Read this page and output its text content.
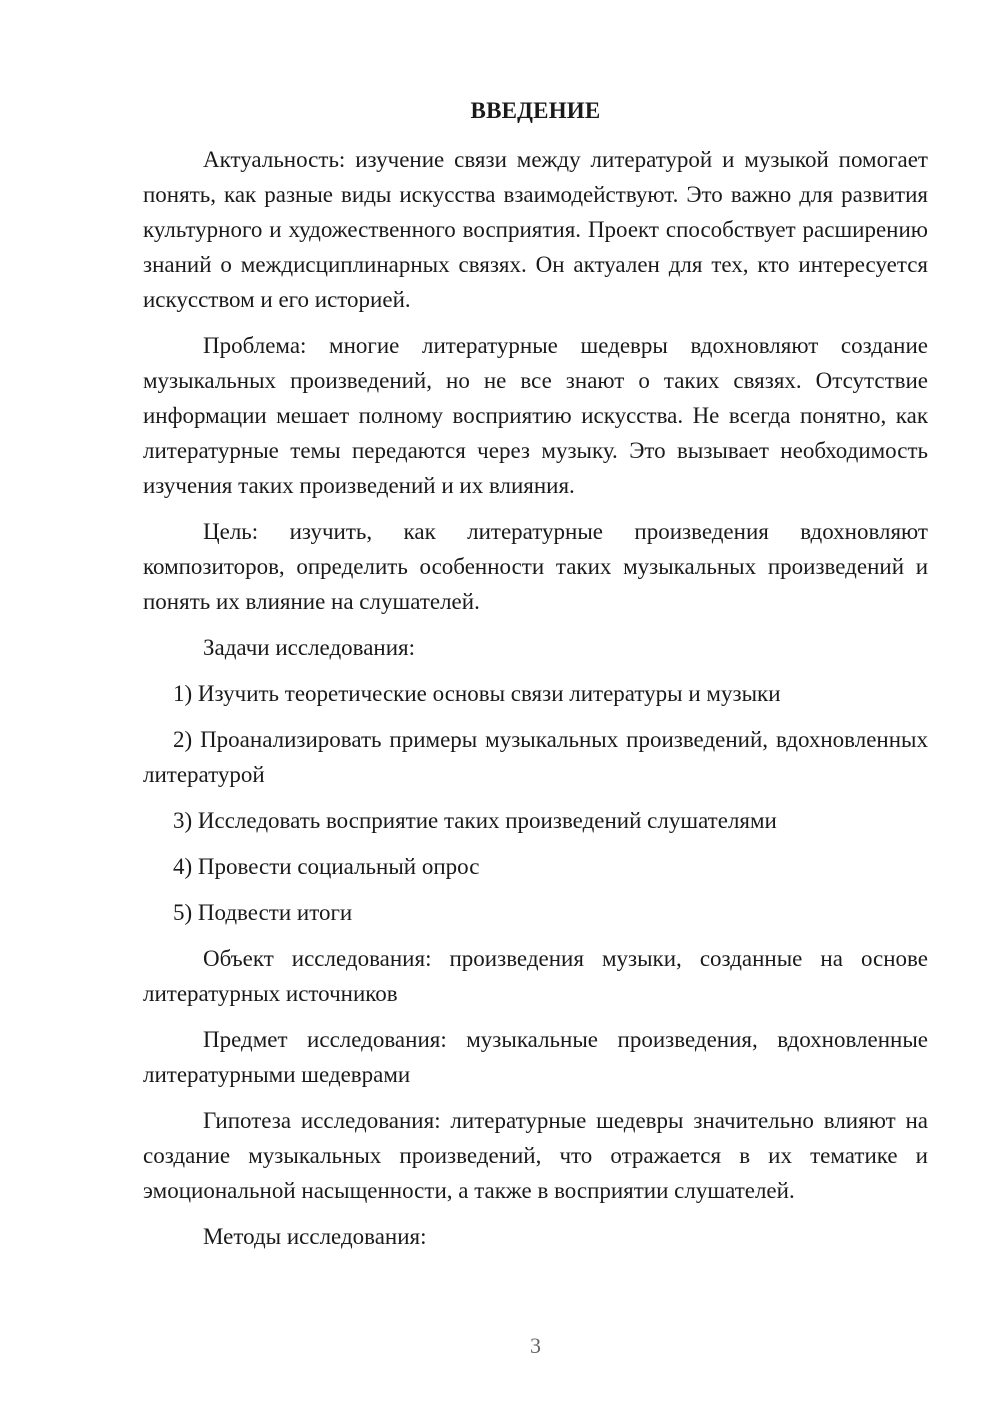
ВВЕДЕНИЕ

Актуальность: изучение связи между литературой и музыкой помогает понять, как разные виды искусства взаимодействуют. Это важно для развития культурного и художественного восприятия. Проект способствует расширению знаний о междисциплинарных связях. Он актуален для тех, кто интересуется искусством и его историей.

Проблема: многие литературные шедевры вдохновляют создание музыкальных произведений, но не все знают о таких связях. Отсутствие информации мешает полному восприятию искусства. Не всегда понятно, как литературные темы передаются через музыку. Это вызывает необходимость изучения таких произведений и их влияния.

Цель: изучить, как литературные произведения вдохновляют композиторов, определить особенности таких музыкальных произведений и понять их влияние на слушателей.

Задачи исследования:

1) Изучить теоретические основы связи литературы и музыки

2) Проанализировать примеры музыкальных произведений, вдохновленных литературой

3) Исследовать восприятие таких произведений слушателями

4) Провести социальный опрос

5) Подвести итоги

Объект исследования: произведения музыки, созданные на основе литературных источников

Предмет исследования: музыкальные произведения, вдохновленные литературными шедеврами

Гипотеза исследования: литературные шедевры значительно влияют на создание музыкальных произведений, что отражается в их тематике и эмоциональной насыщенности, а также в восприятии слушателей.

Методы исследования:

3
